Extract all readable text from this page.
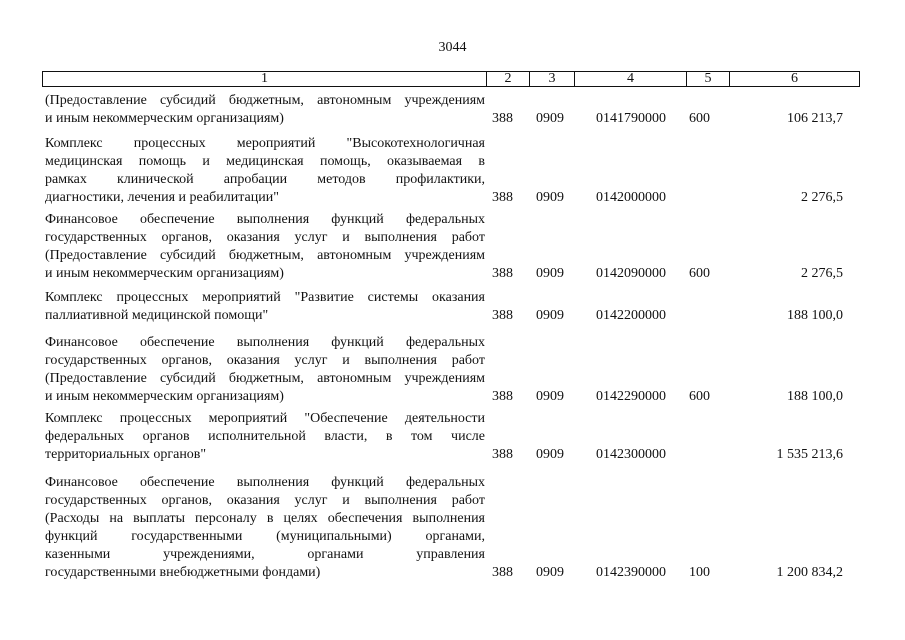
3044
1	2	3	4	5	6
(Предоставление субсидий бюджетным, автономным учреждениям
и иным некоммерческим организациям)	388 0909 0141790000 600	106 213,7
Комплекс процессных мероприятий "Высокотехнологичная
медицинская помощь и медицинская помощь, оказываемая в
рамках клинической апробации методов профилактики,
диагностики, лечения и реабилитации"	388 0909 0142000000	2 276,5
Финансовое обеспечение выполнения функций федеральных
государственных органов, оказания услуг и выполнения работ
(Предоставление субсидий бюджетным, автономным учреждениям
и иным некоммерческим организациям)	388 0909 0142090000 600	2 276,5
Комплекс процессных мероприятий "Развитие системы оказания
паллиативной медицинской помощи"	388 0909 0142200000	188 100,0
Финансовое обеспечение выполнения функций федеральных
государственных органов, оказания услуг и выполнения работ
(Предоставление субсидий бюджетным, автономным учреждениям
и иным некоммерческим организациям)	388 0909 0142290000 600	188 100,0
Комплекс процессных мероприятий "Обеспечение деятельности
федеральных органов исполнительной власти, в том числе
территориальных органов"	388 0909 0142300000	1 535 213,6
Финансовое обеспечение выполнения функций федеральных
государственных органов, оказания услуг и выполнения работ
(Расходы на выплаты персоналу в целях обеспечения выполнения
функций государственными (муниципальными) органами,
казенными учреждениями, органами управления
государственными внебюджетными фондами)	388 0909 0142390000 100	1 200 834,2
